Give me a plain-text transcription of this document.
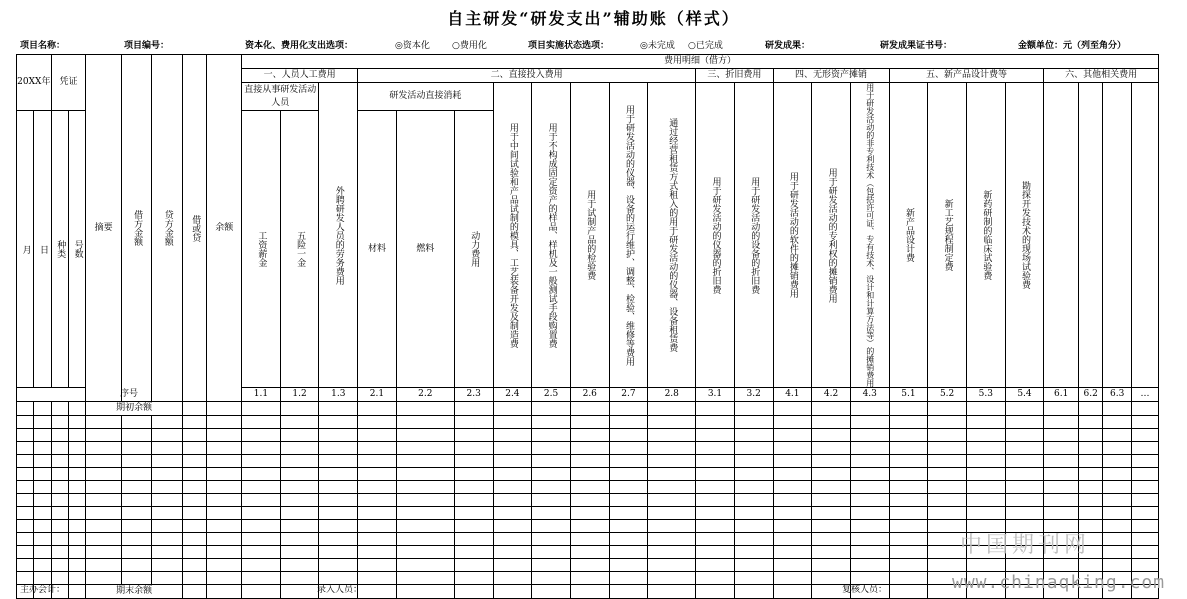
自主研发“研发支出”辅助账（样式）
项目名称：	项目编号：	资本化、费用化支出选项：	◎资本化 ○费用化	项目实施状态选项：	◎未完成 ○已完成	研发成果：	研发成果证书号：	金额单位：元（列至角分）
20XX年		凭证		摘要	借方金额	贷方金额	借或贷	余额	费用明细（借方）																							
									一、人员人工费用			二、直接投入费用								三、折旧费用		四、无形资产摊销			五、新产品设计费等				六、其他相关费用			
									直接从事研发活动人员		外聘研发人员的劳务费用	研发活动直接消耗			用于中间试验和产品试制的模具、工艺装备开发及制造费	用于不构成固定资产的样品、样机及一般测试手段购置费	用于试制产品的检验费	用于研发活动的仪器、设备的运行维护、调整、检验、维修等费用	通过经营租赁方式租入的用于研发活动的仪器、设备租赁费	用于研发活动的仪器的折旧费	用于研发活动的设备的折旧费	用于研发活动的软件的摊销费用	用于研发活动的专利权的摊销费用	用于研发活动的非专利技术（包括许可证、专有技术、设计和计算方法等）的摊销费用	新产品设计费	新工艺规程制定费	新药研制的临床试验费	勘探开发技术的现场试验费				

月	日	种类	号数						工资薪金	五险一金		材料	燃料	动力费用																		

序号									1.1	1.2	1.3	2.1	2.2	2.3	2.4	2.5	2.6	2.7	2.8	3.1	3.2	4.1	4.2	4.3	5.1	5.2	5.3	5.4	6.1	6.2	6.3	…
				期初余额																												

				期末余额																												
主办会计：	录入人员：	复核人员：
中国期刊网
www.chinaqking.com
